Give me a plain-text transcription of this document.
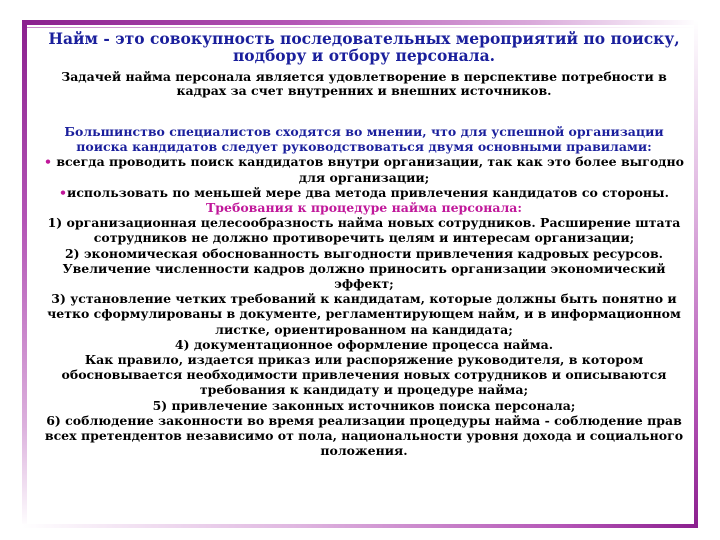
Найм - это совокупность последовательных мероприятий по поиску, подбору и отбору персонала.

Задачей найма персонала является удовлетворение в перспективе потребности в кадрах за счет внутренних и внешних источников.

Большинство специалистов сходятся во мнении, что для успешной организации поиска кандидатов следует руководствоваться двумя основными правилами:

• всегда проводить поиск кандидатов внутри организации, так как это более выгодно для организации;

•использовать по меньшей мере два метода привлечения кандидатов со стороны.

Требования к процедуре найма персонала:

1) организационная целесообразность найма новых сотрудников. Расширение штата сотрудников не должно противоречить целям и интересам организации;

2) экономическая обоснованность выгодности привлечения кадровых ресурсов. Увеличение численности кадров должно приносить организации экономический эффект;

3) установление четких требований к кандидатам, которые должны быть понятно и четко сформулированы в документе, регламентирующем найм, и в информационном листке, ориентированном на кандидата;

4) документационное оформление процесса найма.

Как правило, издается приказ или распоряжение руководителя, в котором обосновывается необходимости привлечения новых сотрудников и описываются требования к кандидату и процедуре найма;

5) привлечение законных источников поиска персонала;

6) соблюдение законности во время реализации процедуры найма - соблюдение прав всех претендентов независимо от пола, национальности уровня дохода и социального положения.
